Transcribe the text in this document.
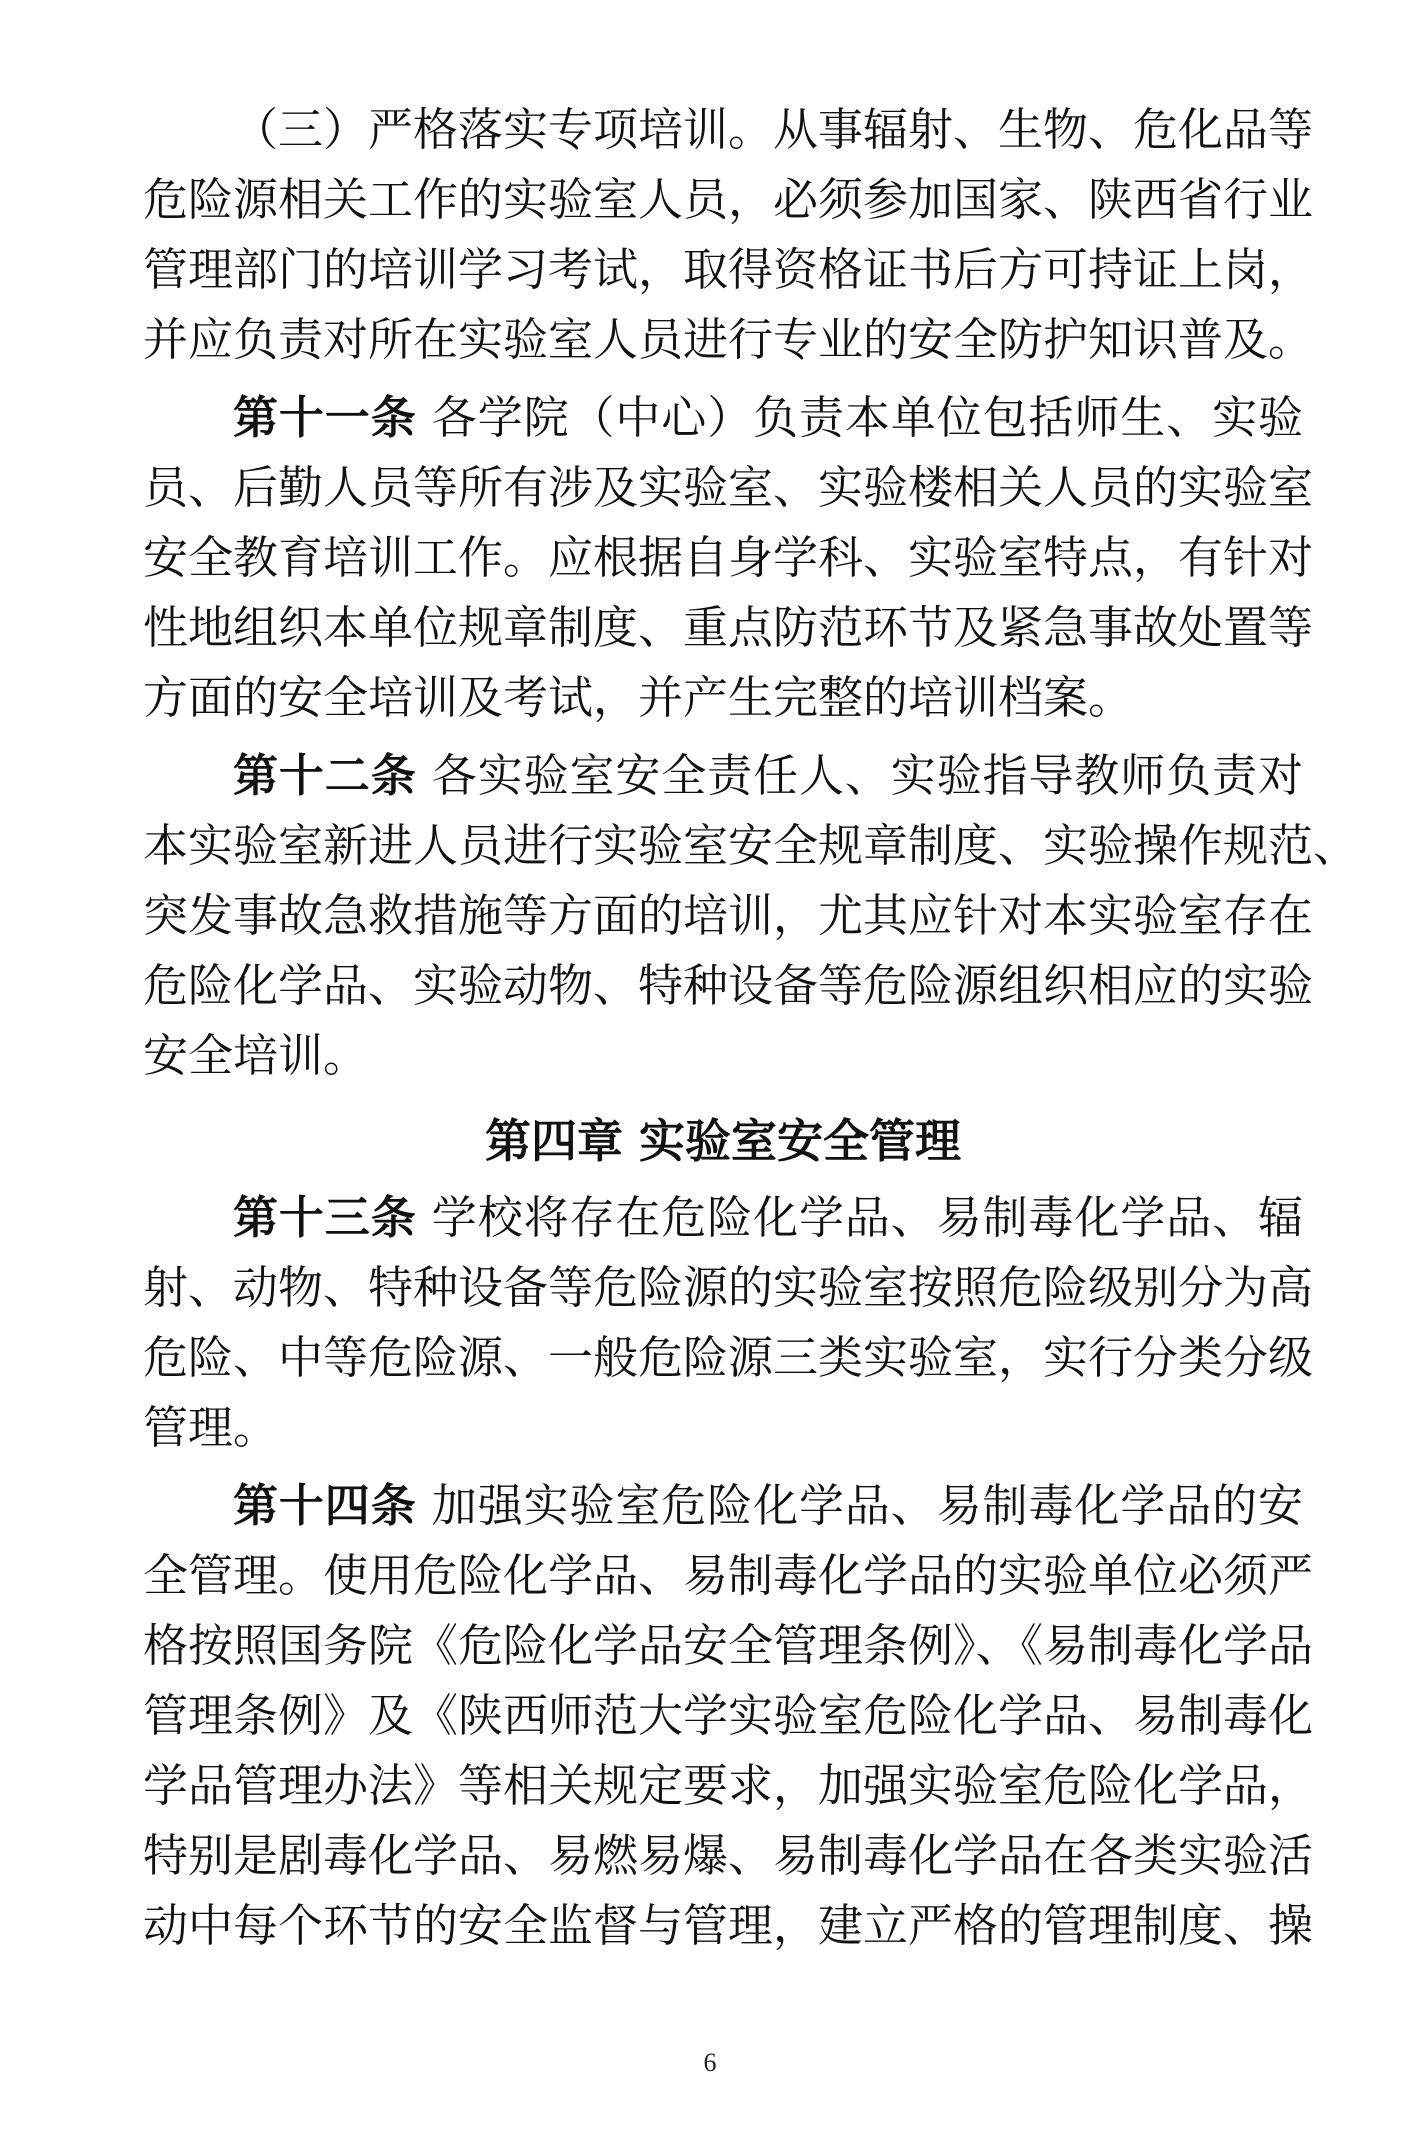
（三）严格落实专项培训。从事辐射、生物、危化品等
危险源相关工作的实验室人员，必须参加国家、陕西省行业
管理部门的培训学习考试，取得资格证书后方可持证上岗，
并应负责对所在实验室人员进行专业的安全防护知识普及。
第十一条 各学院（中心）负责本单位包括师生、实验
员、后勤人员等所有涉及实验室、实验楼相关人员的实验室
安全教育培训工作。应根据自身学科、实验室特点，有针对
性地组织本单位规章制度、重点防范环节及紧急事故处置等
方面的安全培训及考试，并产生完整的培训档案。
第十二条 各实验室安全责任人、实验指导教师负责对
本实验室新进人员进行实验室安全规章制度、实验操作规范、
突发事故急救措施等方面的培训，尤其应针对本实验室存在
危险化学品、实验动物、特种设备等危险源组织相应的实验
安全培训。
第四章 实验室安全管理
第十三条 学校将存在危险化学品、易制毒化学品、辐
射、动物、特种设备等危险源的实验室按照危险级别分为高
危险、中等危险源、一般危险源三类实验室，实行分类分级
管理。
第十四条 加强实验室危险化学品、易制毒化学品的安
全管理。使用危险化学品、易制毒化学品的实验单位必须严
格按照国务院《危险化学品安全管理条例》、《易制毒化学品
管理条例》及《陕西师范大学实验室危险化学品、易制毒化
学品管理办法》等相关规定要求，加强实验室危险化学品，
特别是剧毒化学品、易燃易爆、易制毒化学品在各类实验活
动中每个环节的安全监督与管理，建立严格的管理制度、操
6
